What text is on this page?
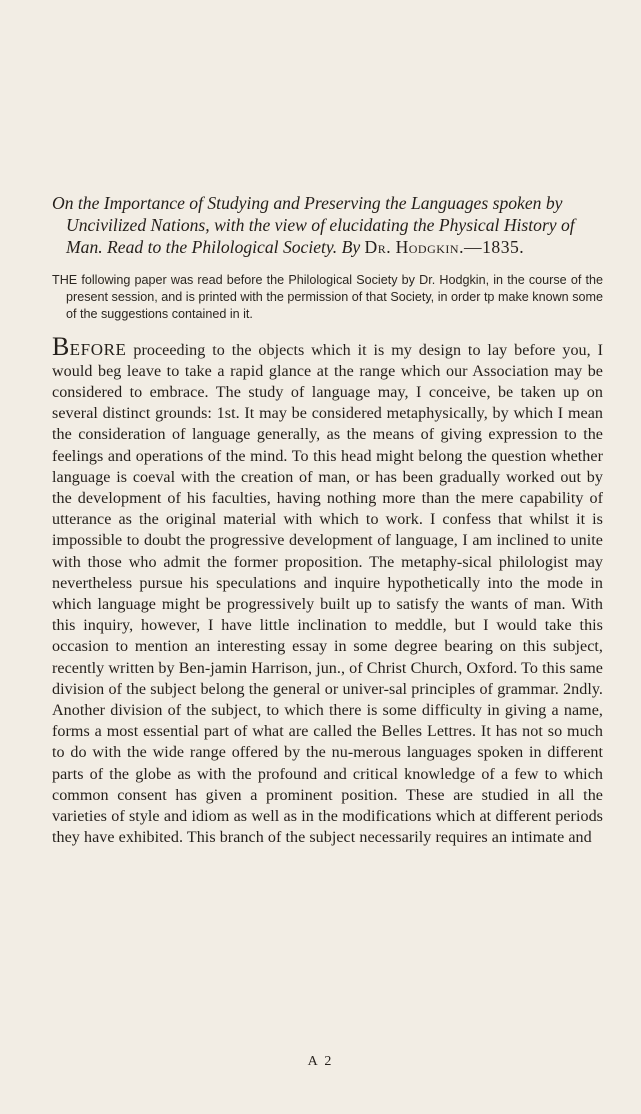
On the Importance of Studying and Preserving the Languages spoken by Uncivilized Nations, with the view of elucidating the Physical History of Man. Read to the Philological Society. By Dr. Hodgkin.—1835.

THE following paper was read before the Philological Society by Dr. Hodgkin, in the course of the present session, and is printed with the permission of that Society, in order tp make known some of the suggestions contained in it.

BEFORE proceeding to the objects which it is my design to lay before you, I would beg leave to take a rapid glance at the range which our Association may be considered to embrace. The study of language may, I conceive, be taken up on several distinct grounds: 1st. It may be considered metaphysically, by which I mean the consideration of language generally, as the means of giving expression to the feelings and operations of the mind. To this head might belong the question whether language is coeval with the creation of man, or has been gradually worked out by the development of his faculties, having nothing more than the mere capability of utterance as the original material with which to work. I confess that whilst it is impossible to doubt the progressive development of language, I am inclined to unite with those who admit the former proposition. The metaphy-sical philologist may nevertheless pursue his speculations and inquire hypothetically into the mode in which language might be progressively built up to satisfy the wants of man. With this inquiry, however, I have little inclination to meddle, but I would take this occasion to mention an interesting essay in some degree bearing on this subject, recently written by Ben-jamin Harrison, jun., of Christ Church, Oxford. To this same division of the subject belong the general or univer-sal principles of grammar. 2ndly. Another division of the subject, to which there is some difficulty in giving a name, forms a most essential part of what are called the Belles Lettres. It has not so much to do with the wide range offered by the nu-merous languages spoken in different parts of the globe as with the profound and critical knowledge of a few to which common consent has given a prominent position. These are studied in all the varieties of style and idiom as well as in the modifications which at different periods they have exhibited. This branch of the subject necessarily requires an intimate and

A 2
